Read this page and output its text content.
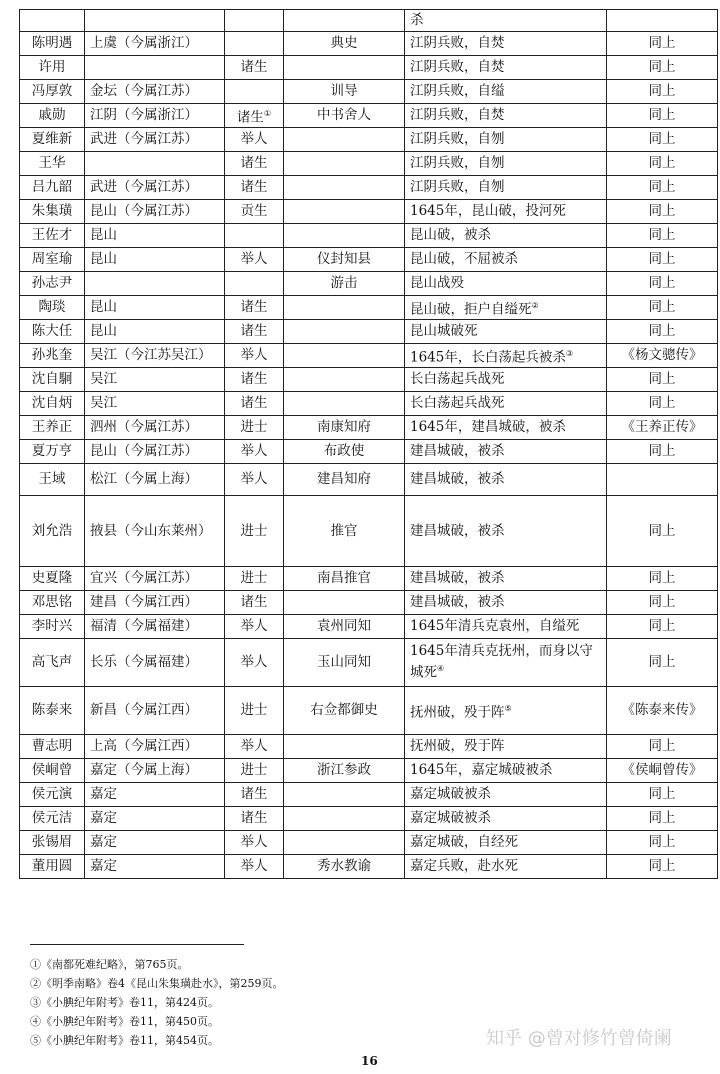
				杀	
陈明遇	上虞（今属浙江）		典史	江阴兵败，自焚	同上
许用		诸生		江阴兵败，自焚	同上
冯厚敦	金坛（今属江苏）		训导	江阴兵败，自缢	同上
戚勋	江阴（今属浙江）	诸生①	中书舍人	江阴兵败，自焚	同上
夏维新	武进（今属江苏）	举人		江阴兵败，自刎	同上
王华		诸生		江阴兵败，自刎	同上
吕九韶	武进（今属江苏）	诸生		江阴兵败，自刎	同上
朱集璜	昆山（今属江苏）	贡生		1645年，昆山破，投河死	同上
王佐才	昆山			昆山破，被杀	同上
周室瑜	昆山	举人	仪封知县	昆山破，不屈被杀	同上
孙志尹			游击	昆山战殁	同上
陶琰	昆山	诸生		昆山破，拒户自缢死②	同上
陈大任	昆山	诸生		昆山城破死	同上
孙兆奎	吴江（今江苏吴江）	举人		1645年，长白荡起兵被杀③	《杨文骢传》
沈自駉	吴江	诸生		长白荡起兵战死	同上
沈自炳	吴江	诸生		长白荡起兵战死	同上
王养正	泗州（今属江苏）	进士	南康知府	1645年，建昌城破，被杀	《王养正传》
夏万亨	昆山（今属江苏）	举人	布政使	建昌城破，被杀	同上
王域	松江（今属上海）	举人	建昌知府	建昌城破，被杀	
刘允浩	掖县（今山东莱州）	进士	推官	建昌城破，被杀	同上
史夏隆	宜兴（今属江苏）	进士	南昌推官	建昌城破，被杀	同上
邓思铭	建昌（今属江西）	诸生		建昌城破，被杀	同上
李时兴	福清（今属福建）	举人	袁州同知	1645年清兵克袁州，自缢死	同上
高飞声	长乐（今属福建）	举人	玉山同知	1645年清兵克抚州，而身以守城死④	同上
陈泰来	新昌（今属江西）	进士	右佥都御史	抚州破，殁于阵⑤	《陈泰来传》
曹志明	上高（今属江西）	举人		抚州破，殁于阵	同上
侯峒曾	嘉定（今属上海）	进士	浙江参政	1645年，嘉定城破被杀	《侯峒曾传》
侯元演	嘉定	诸生		嘉定城破被杀	同上
侯元洁	嘉定	诸生		嘉定城破被杀	同上
张锡眉	嘉定	举人		嘉定城破，自经死	同上
董用圆	嘉定	举人	秀水教谕	嘉定兵败，赴水死	同上
①《南都死难纪略》，第765页。
②《明季南略》卷4《昆山朱集璜赴水》，第259页。
③《小腆纪年附考》卷11，第424页。
④《小腆纪年附考》卷11，第450页。
⑤《小腆纪年附考》卷11，第454页。
16
知乎 @曾对修竹曾倚阑
